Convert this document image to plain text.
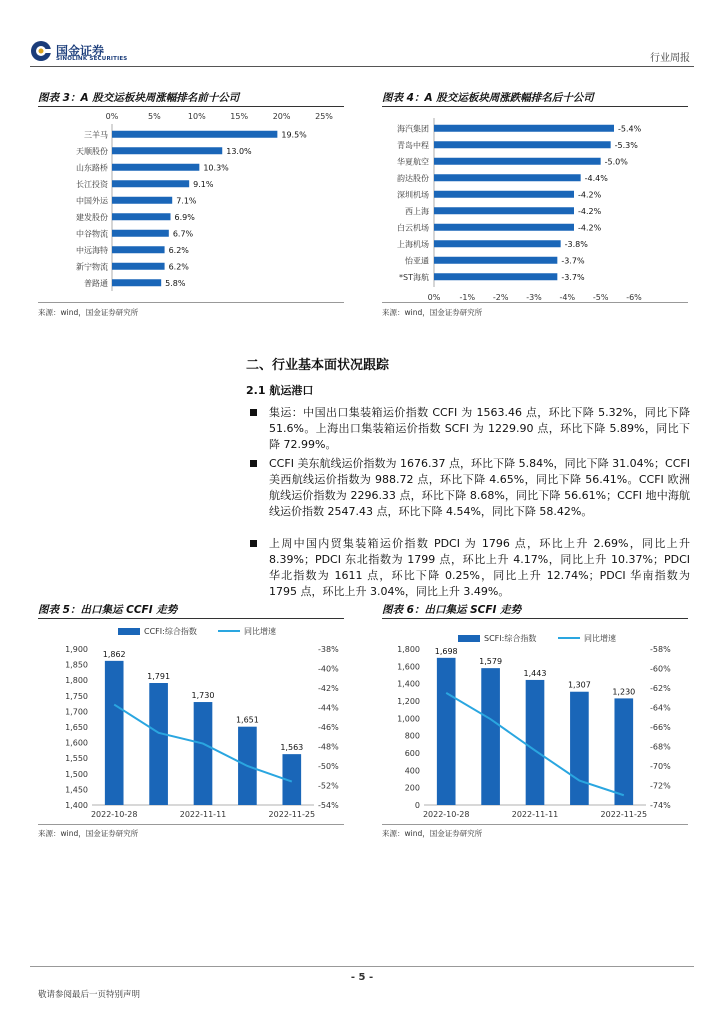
国金证券
SINOLINK SECURITIES	行业周报
图表 3：A 股交运板块周涨幅排名前十公司	图表 4：A 股交运板块周涨跌幅排名后十公司
0%	5%	10%	15%	20%	25%
三羊马	19.5%
天顺股份	13.0%
山东路桥	10.3%
长江投资	9.1%
中国外运	7.1%
建发股份	6.9%
中谷物流	6.7%
中远海特	6.2%
新宁物流	6.2%
普路通	5.8%
海汽集团	-5.4%
青岛中程	-5.3%
华夏航空	-5.0%
韵达股份	-4.4%
深圳机场	-4.2%
西上海	-4.2%
白云机场	-4.2%
上海机场	-3.8%
怡亚通	-3.7%
*ST海航	-3.7%
0% -1% -2% -3% -4% -5% -6%
CCFI:综合指数	同比增速
1,400
1,450
1,500
1,550
1,600
1,650
1,700
1,750
1,800
1,850
1,900	-38%
-40%
-42%
-44%
-46%
-48%
-50%
-52%
-54%
1,862
2022-10-28
1,791
1,730
2022-11-11
1,651
1,563
2022-11-25
SCFI:综合指数	同比增速
0
200
400
600
800
1,000
1,200
1,400
1,600
1,800	-58%
-60%
-62%
-64%
-66%
-68%
-70%
-72%
-74%
1,698
2022-10-28
1,579
1,443
2022-11-11
1,307
1,230
2022-11-25
来源：wind，国金证券研究所	来源：wind，国金证券研究所
二、行业基本面状况跟踪
2.1 航运港口
集运：中国出口集装箱运价指数 CCFI 为 1563.46 点，环比下降 5.32%，同比下降 51.6%。上海出口集装箱运价指数 SCFI 为 1229.90 点，环比下降 5.89%，同比下降 72.99%。
CCFI 美东航线运价指数为 1676.37 点，环比下降 5.84%，同比下降 31.04%；CCFI 美西航线运价指数为 988.72 点，环比下降 4.65%，同比下降 56.41%。CCFI 欧洲航线运价指数为 2296.33 点，环比下降 8.68%，同比下降 56.61%；CCFI 地中海航线运价指数 2547.43 点，环比下降 4.54%，同比下降 58.42%。
上周中国内贸集装箱运价指数 PDCI 为 1796 点，环比上升 2.69%，同比上升 8.39%；PDCI 东北指数为 1799 点，环比上升 4.17%，同比上升 10.37%；PDCI 华北指数为 1611 点，环比下降 0.25%，同比上升 12.74%；PDCI 华南指数为 1795 点，环比上升 3.04%，同比上升 3.49%。
图表 5：出口集运 CCFI 走势	图表 6：出口集运 SCFI 走势
来源：wind，国金证券研究所	来源：wind，国金证券研究所
- 5 -
敬请参阅最后一页特别声明
